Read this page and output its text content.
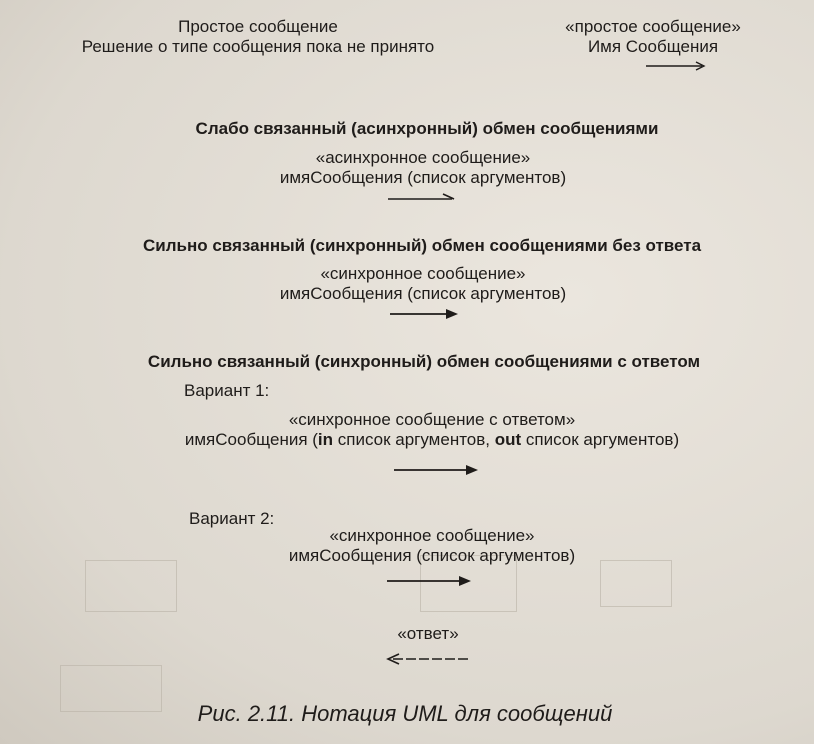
Простое сообщение
Решение о типе сообщения пока не принято
«простое сообщение»
Имя Сообщения
Слабо связанный (асинхронный) обмен сообщениями
«асинхронное сообщение»
имяСообщения (список аргументов)
Сильно связанный (синхронный) обмен сообщениями без ответа
«синхронное сообщение»
имяСообщения (список аргументов)
Сильно связанный (синхронный) обмен сообщениями с ответом
Вариант 1:
«синхронное сообщение с ответом»
имяСообщения (in список аргументов, out список аргументов)
Вариант 2:
«синхронное сообщение»
имяСообщения (список аргументов)
«ответ»
Рис. 2.11. Нотация UML для сообщений
